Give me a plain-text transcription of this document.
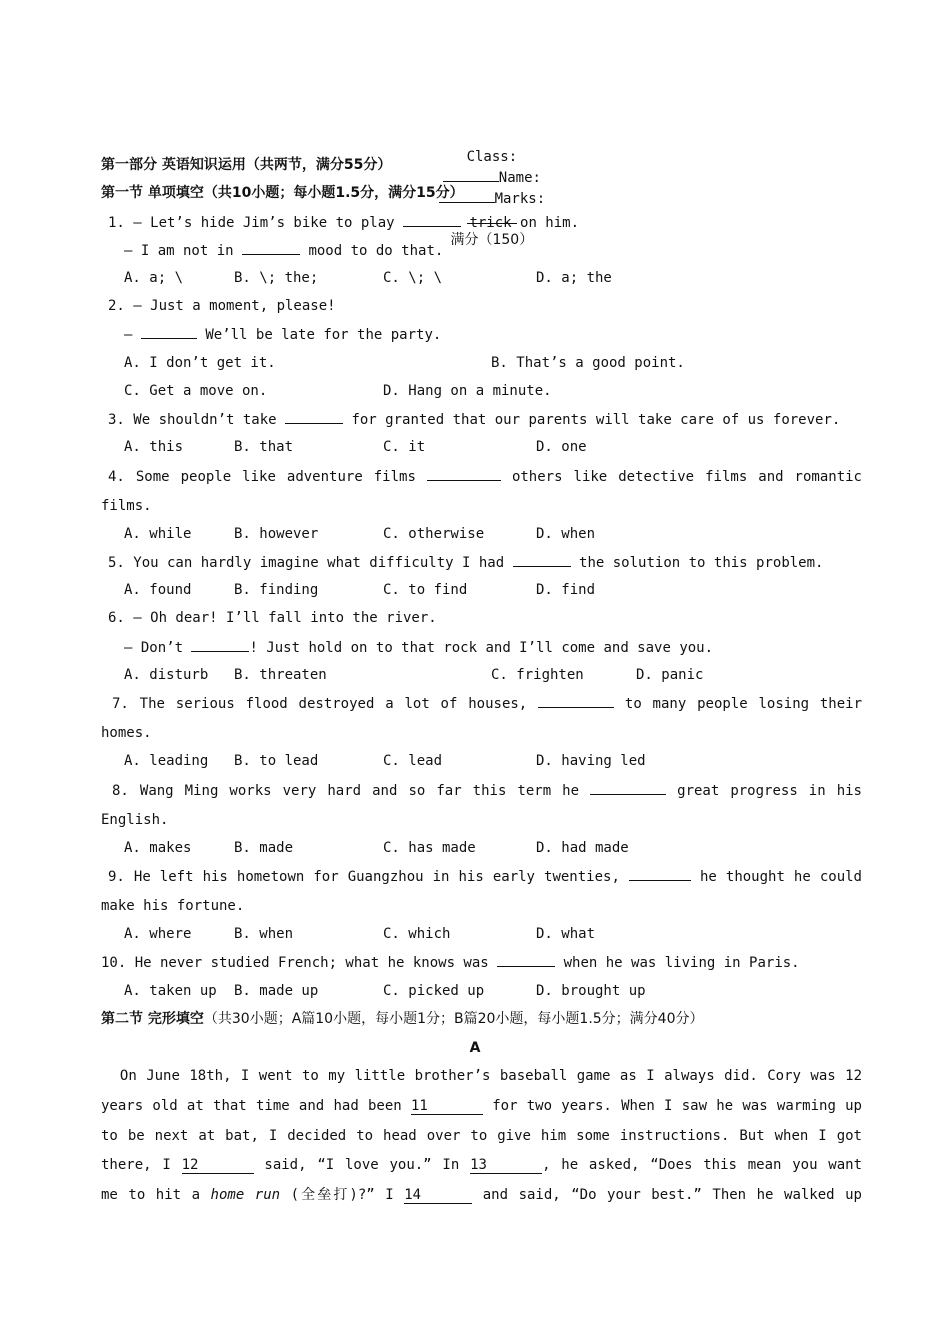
Class:
Name:
Marks:

满分（150）

第一部分 英语知识运用（共两节，满分55分）
第一节 单项填空（共10小题；每小题1.5分，满分15分）
1. — Let’s hide Jim’s bike to play	trick on him.
— I am not in	mood to do that.
A. a; \	B. \; the;	C. \; \	D. a; the
2. — Just a moment, please!
—	We’ll be late for the party.
A. I don’t get it.	B. That’s a good point.
C. Get a move on.	D. Hang on a minute.
3. We shouldn’t take	for granted that our parents will take care of us forever.
A. this	B. that	C. it	D. one
4. Some people like adventure films	others like detective films and romantic
films.
A. while	B. however	C. otherwise	D. when
5. You can hardly imagine what difficulty I had	the solution to this problem.
A. found	B. finding	C. to find	D. find
6. — Oh dear! I’ll fall into the river.
— Don’t	! Just hold on to that rock and I’ll come and save you.
A. disturb B. threaten	C. frighten	D. panic
7. The serious flood destroyed a lot of houses,	to many people losing their
homes.
A. leading B. to lead	C. lead	D. having led
8. Wang Ming works very hard and so far this term he	great progress in his
English.
A. makes	B. made	C. has made	D. had made
9. He left his hometown for Guangzhou in his early twenties,	he thought he could
make his fortune.
A. where	B. when	C. which	D. what
10. He never studied French; what he knows was	when he was living in Paris.
A. taken up B. made up	C. picked up	D. brought up
第二节 完形填空（共30小题；A篇10小题，每小题1分；B篇20小题，每小题1.5分；满分40分）
A
On June 18th, I went to my little brother’s baseball game as I always did. Cory was 12
years old at that time and had been 11	for two years. When I saw he was warming up
to be next at bat, I decided to head over to give him some instructions. But when I got
there, I 12	said, “I love you.” In 13	, he asked, “Does this mean you want
me to hit a home run (全垒打)?” I 14	and said, “Do your best.” Then he walked up
